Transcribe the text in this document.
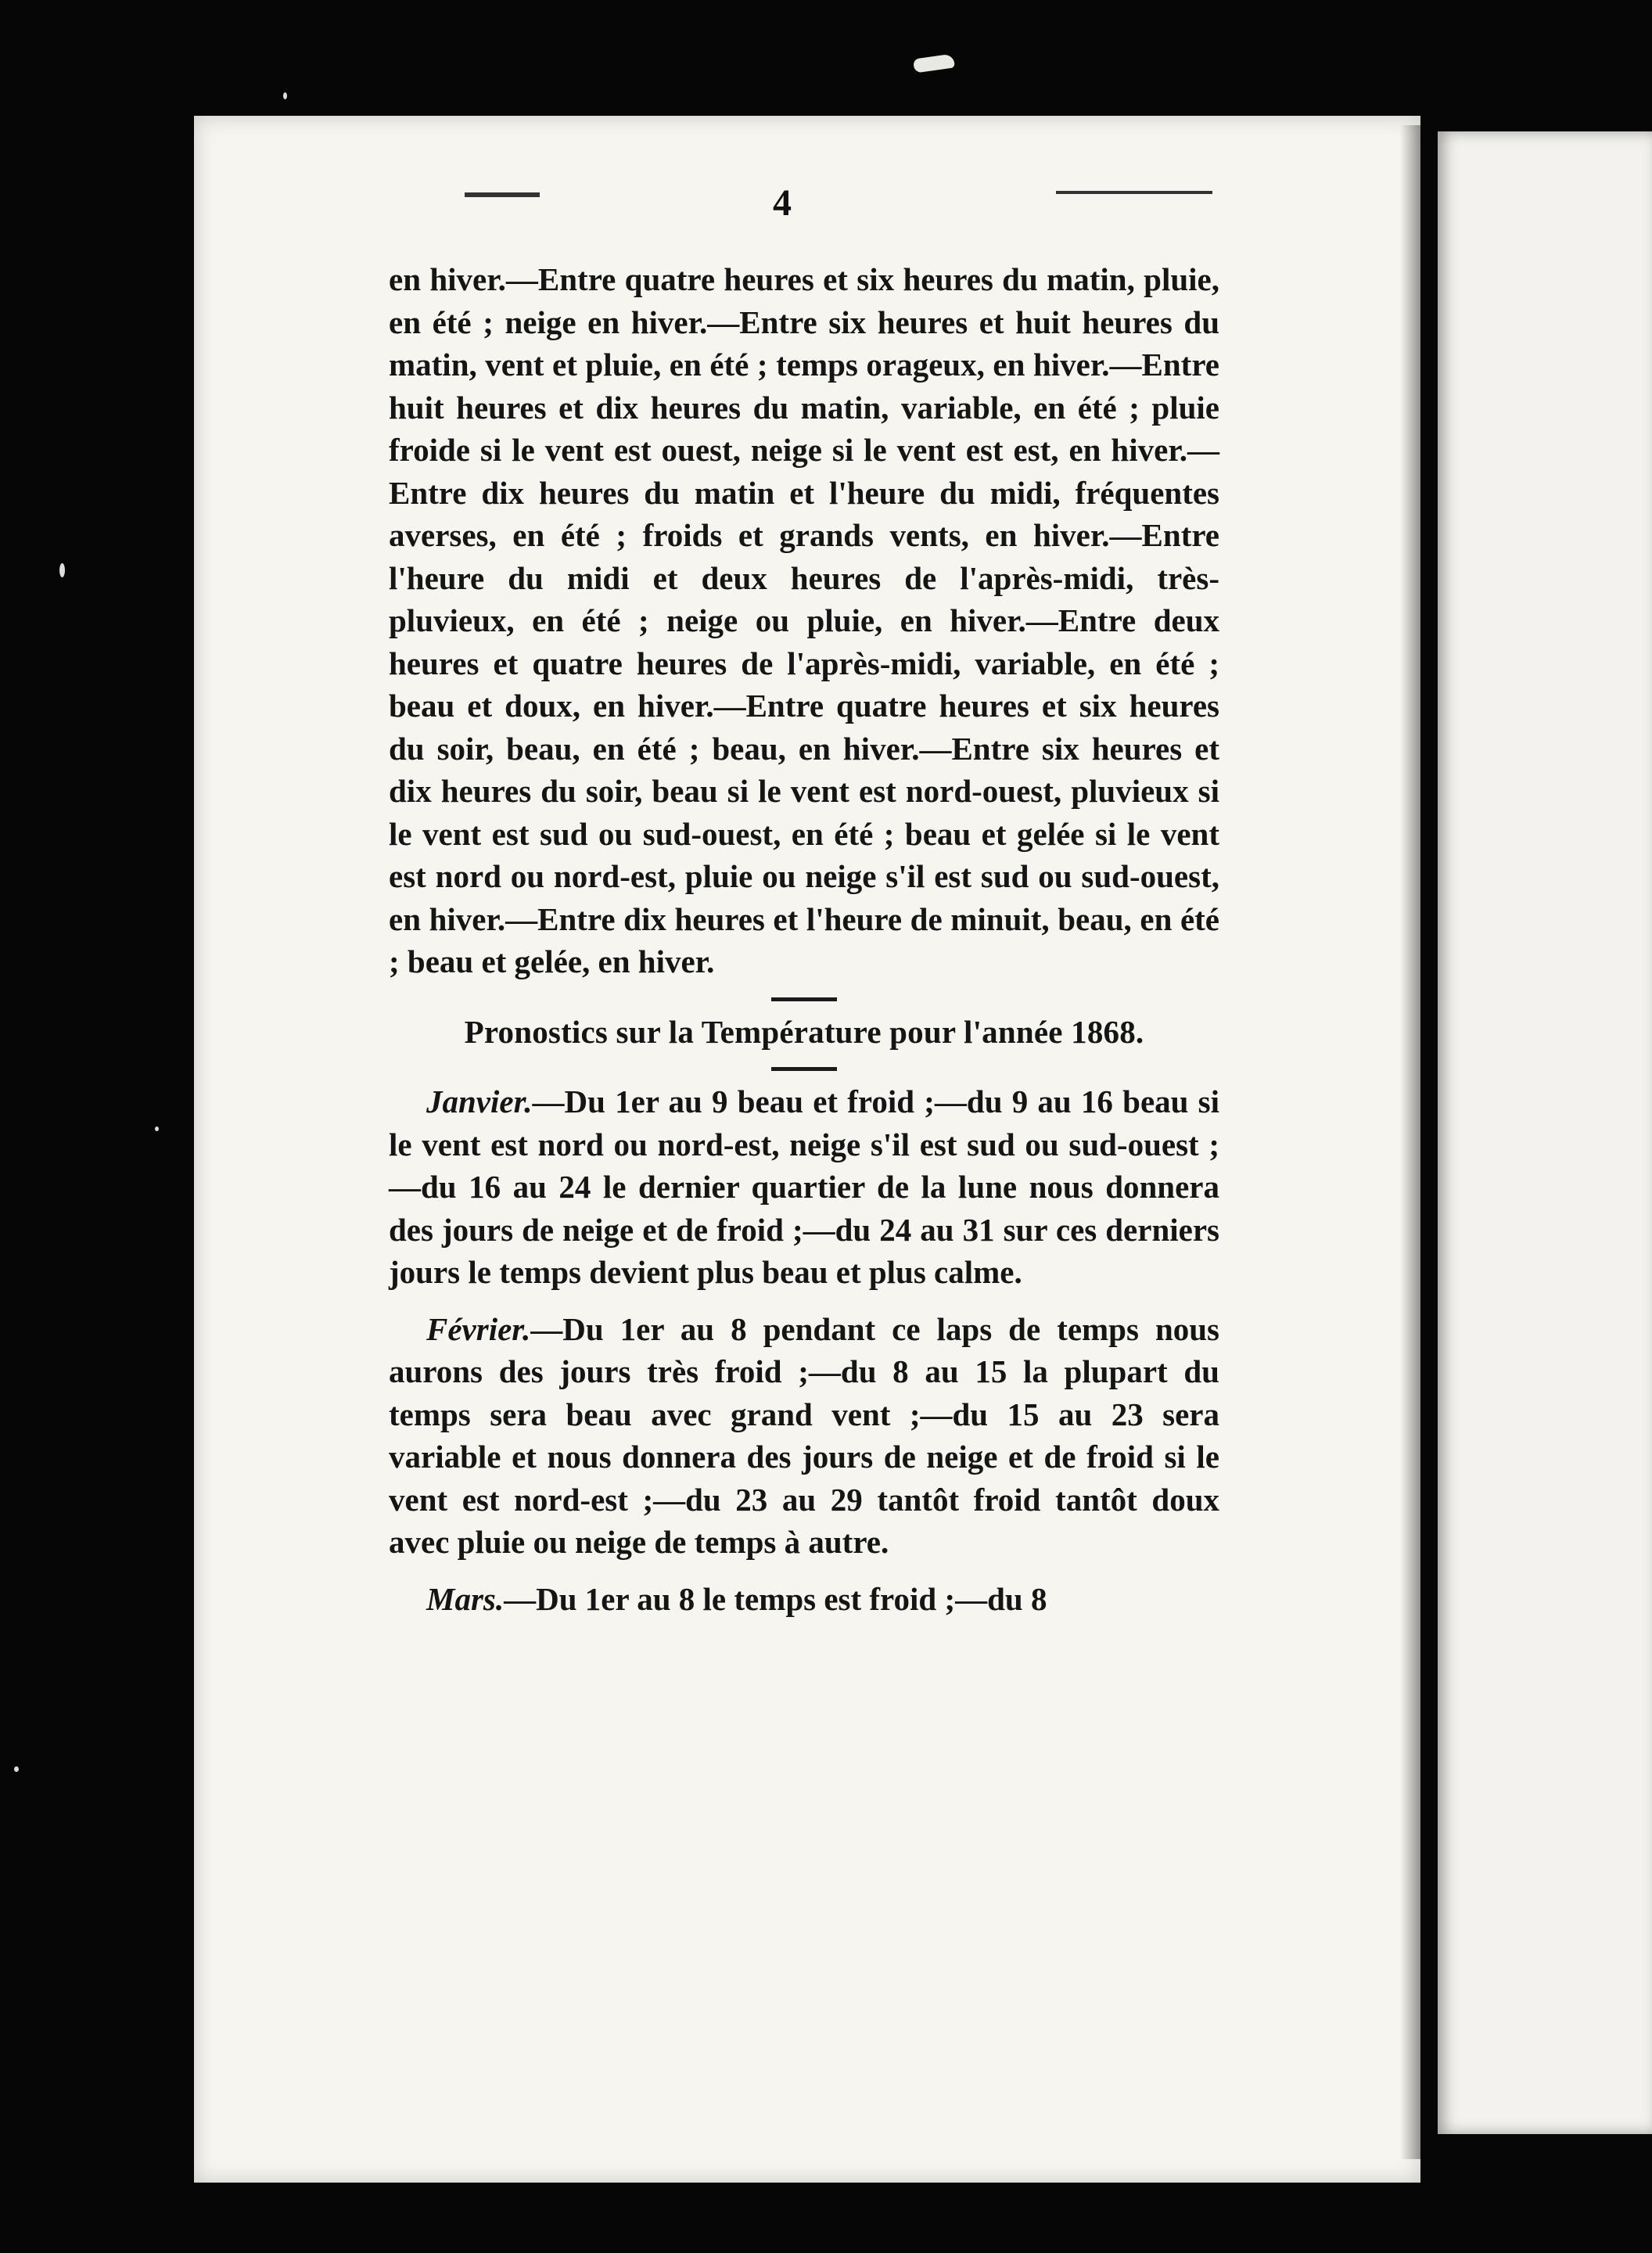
4

en hiver.—Entre quatre heures et six heures du matin, pluie, en été ; neige en hiver.—Entre six heures et huit heures du matin, vent et pluie, en été ; temps orageux, en hiver.—Entre huit heures et dix heures du matin, variable, en été ; pluie froide si le vent est ouest, neige si le vent est est, en hiver.—Entre dix heures du matin et l'heure du midi, fréquentes averses, en été ; froids et grands vents, en hiver.—Entre l'heure du midi et deux heures de l'après-midi, très-pluvieux, en été ; neige ou pluie, en hiver.—Entre deux heures et quatre heures de l'après-midi, variable, en été ; beau et doux, en hiver.—Entre quatre heures et six heures du soir, beau, en été ; beau, en hiver.—Entre six heures et dix heures du soir, beau si le vent est nord-ouest, pluvieux si le vent est sud ou sud-ouest, en été ; beau et gelée si le vent est nord ou nord-est, pluie ou neige s'il est sud ou sud-ouest, en hiver.—Entre dix heures et l'heure de minuit, beau, en été ; beau et gelée, en hiver.

Pronostics sur la Température pour l'année 1868.

Janvier.—Du 1er au 9 beau et froid ;—du 9 au 16 beau si le vent est nord ou nord-est, neige s'il est sud ou sud-ouest ;—du 16 au 24 le dernier quartier de la lune nous donnera des jours de neige et de froid ;—du 24 au 31 sur ces derniers jours le temps devient plus beau et plus calme.

Février.—Du 1er au 8 pendant ce laps de temps nous aurons des jours très froid ;—du 8 au 15 la plupart du temps sera beau avec grand vent ;—du 15 au 23 sera variable et nous donnera des jours de neige et de froid si le vent est nord-est ;—du 23 au 29 tantôt froid tantôt doux avec pluie ou neige de temps à autre.

Mars.—Du 1er au 8 le temps est froid ;—du 8
